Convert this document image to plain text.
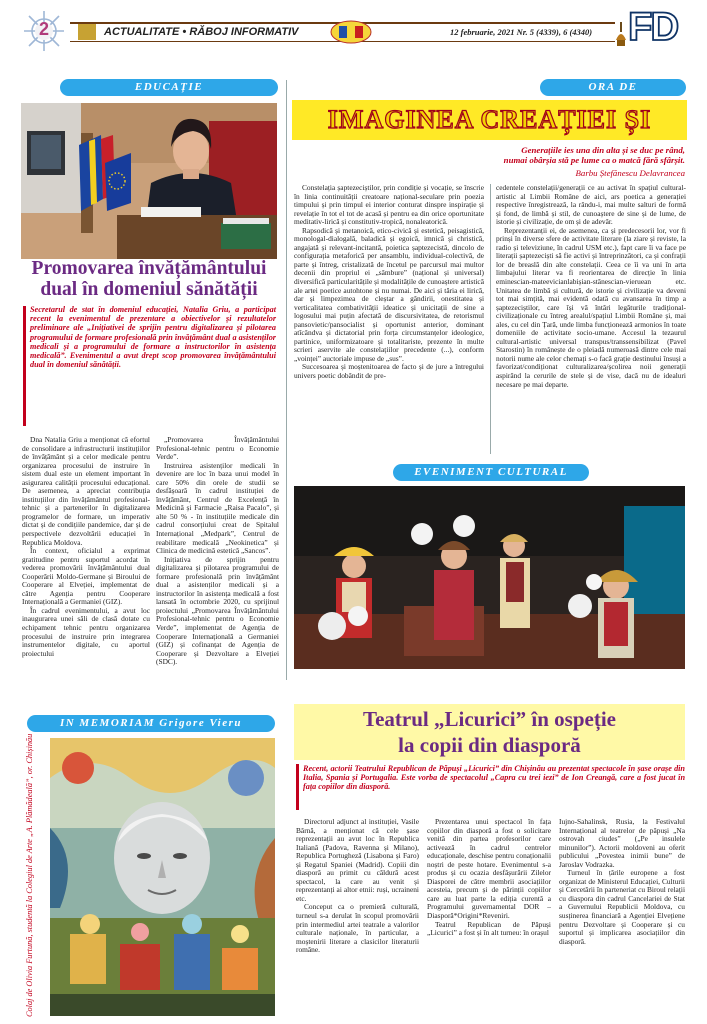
2	ACTUALITATE • RĂBOJ INFORMATIV	12 februarie, 2021 Nr. 5 (4339), 6 (4340) FD
EDUCAȚIE
Promovarea învățământului
dual în domeniul sănătății
Secretarul de stat în domeniul educației, Natalia Griu, a participat recent la evenimentul de prezentare a obiectivelor și rezultatelor preliminare ale „Inițiativei de sprijin pentru digitalizarea și pilotarea programului de formare profesională prin învățământ dual a asistenților medicali și a programului de formare a instructorilor în asistența medicală”. Evenimentul a avut drept scop promovarea învățământului dual în domeniul sănătății.

Dna Natalia Griu a menționat că efortul de consolidare a infrastructurii instituțiilor de învățământ și a celor medicale pentru organizarea procesului de instruire în sistem dual este un element important în asigurarea calității procesului educațional. De asemenea, a apreciat contribuția instituțiilor din învățământul profesional-tehnic și a partenerilor în digitalizarea programelor de formare, un imperativ dictat și de condițiile pandemice, dar și de perspectivele dezvoltării educației în Republica Moldova.

În context, oficialul a exprimat gratitudine pentru suportul acordat în vederea promovării învățământului dual Cooperării Moldo-Germane și Biroului de Cooperare al Elveției, implementat de către Agenția pentru Cooperare Internațională a Germaniei (GIZ).

În cadrul evenimentului, a avut loc inaugurarea unei săli de clasă dotate cu echipament tehnic pentru organizarea procesului de instruire prin integrarea instrumentelor digitale, cu aportul proiectului

„Promovarea Învățământului Profesional-tehnic pentru o Economie Verde”.

Instruirea asistenților medicali în devenire are loc în baza unui model în care 50% din orele de studii se desfășoară în cadrul instituției de învățământ, Centrul de Excelență în Medicină și Farmacie „Raisa Pacalo”, și alte 50 % - în instituțiile medicale din cadrul consorțiului creat de Spitalul Internațional „Medpark”, Centrul de reabilitare medicală „Neokinetica” și Clinica de medicină estetică „Sancos”.

Inițiativa de sprijin pentru digitalizarea și pilotarea programului de formare profesională prin învățământ dual a asistenților medicali și a instructorilor în asistența medicală a fost lansată în octombrie 2020, cu sprijinul proiectului „Promovarea Învățământului Profesional-tehnic pentru o Economie Verde”, implementat de Agenția de Cooperare Internațională a Germaniei (GIZ) și cofinanțat de Agenția de Cooperare și Dezvoltare a Elveției (SDC).

ORA DE
IMAGINEA CREAȚIEI ȘI
Generațiile ies una din alta și se duc pe rând,
numai obârșia stă pe lume ca o matcă fără sfârșit.
Barbu Ștefănescu Delavrancea

Constelația șaptezeciștilor, prin condiție și vocație, se înscrie în linia continuității creatoare național-seculare prin poezia timpului și prin timpul ei interior conturat dinspre inspirație și revelație în tot el tot de acasă și pentru ea din orice oportunitate meditativ-lirică și constitutiv-tropică, nonaleatorică.

Rapsodică și metanoică, etico-civică și estetică, peisagistică, monologal-dialogală, baladică și egoică, imnică și christică, angajată și relevant-incitantă, poietica șaptezecistă, dincolo de configurația metaforică per ansamblu, individual-colectivă, de parte și întreg, cristalizată de încetul pe parcursul mai multor decenii din propriul ei „sâmbure” (național și universal) diversifică particularitățile și modalitățile de cunoaștere artistică ale artei poetice autohtone și nu numai. De aici și tăria ei lirică, dar și limpezimea de cleștar a gândirii, onestitatea și verticalitatea combativității ideatice și unicitații de sine a logosului mai puțin afectată de discursivitatea, de retorismul pansovietic/pansocialist și oportunist anterior, dominant atîcândva și dictatorial prin forța circumstanțelor ideologice, partinice, uniformizatoare și totalitariste, prezente în multe scrieri aservite ale constelațiilor precedente (...), conform „voinței” auctoriale impuse de „sus”.

Succesoarea și moștenitoarea de facto și de jure a întregului univers poetic dobândit de pre-

cedentele constelații/generații ce au activat în spațiul cultural-artistic al Limbii Române de aici, ars poetica a generației respective înregistrează, la rându-i, mai multe salturi de formă și fond, de limbă și stil, de cunoaștere de sine și de lume, de istorie și civilizație, de om și de adevăr.

Reprezentanții ei, de asemenea, ca și predecesorii lor, vor fi prinși în diverse sfere de activitate literare (la ziare și reviste, la radio și televiziune, în cadrul USM etc.), fapt care îi va face pe literații șaptezeciști să fie activi și întreprinzători, ca și confrații lor de breaslă din alte constelații. Ceea ce îi va uni în arta limbajului literar va fi reorientarea de direcție în linia eminescian-mateevicianlabișian-stănescian-vieruean etc. Unitatea de limbă și cultură, de istorie și civilizație va deveni tot mai simțită, mai evidentă odată cu avansarea în timp a șaptezeciștilor, care își vă întări legăturile tradițional-civilizaționale cu întreg arealul/spațiul Limbii Române și, mai ales, cu cel din Țară, unde limba funcționează armonios în toate domeniile de activitate socio-umane. Accesul la tezaurul cultural-artistic universal transpus/transsensibilizat (Pavel Starostin) în românește de o pleiadă numeroasă dintre cele mai notorii nume ale celor chemați s-o facă grație destinului însuși a favorizat/condiționat culturalizarea/școlirea noii generații aspirând la cerurile de stele și de vise, dacă nu de idealuri necesare pe mai departe.

EVENIMENT CULTURAL
Teatrul „Licurici” în ospeție
la copii din diasporă
Recent, actorii Teatrului Republican de Păpuși „Licurici” din Chișinău au prezentat spectacole în șase orașe din Italia, Spania și Portugalia. Este vorba de spectacolul „Capra cu trei iezi” de Ion Creangă, care a fost jucat în fața copiilor din diasporă.

Directorul adjunct al instituției, Vasile Bârnă, a menționat că cele șase reprezentații au avut loc în Republica Italiană (Padova, Ravenna și Milano), Republica Portugheză (Lisabona și Faro) și Regatul Spaniei (Madrid). Copiii din diasporă au primit cu căldură acest spectacol, la care au venit și reprezentanți ai altor etnii: ruși, ucraineni etc.

Conceput ca o premieră culturală, turneul s-a derulat în scopul promovării prin intermediul artei teatrale a valorilor culturale naționale, în particular, a moștenirii literare a clasicilor literaturii române.

Prezentarea unui spectacol în fața copiilor din diasporă a fost o solicitare venită din partea profesorilor care activează în cadrul centrelor educaționale, deschise pentru conaționalii noștri de peste hotare. Evenimentul s-a produs și cu ocazia desfășurării Zilelor Diasporei de către membrii asociațiilor acesteia, precum și de părinții copiilor care au luat parte la ediția curentă a Programului guvernamental DOR – Diasporă*Origini*Reveniri.

Teatrul Republican de Păpuși „Licurici” a fost și în alt turneu: în orașul

Iujno-Sahalinsk, Rusia, la Festivalul Internațional al teatrelor de păpuși „Na ostrovah ciudes” („Pe insulele minunilor”). Actorii moldoveni au oferit publicului „Povestea inimii bune” de Jaroslav Vodrazka.

Turneul în țările europene a fost organizat de Ministerul Educației, Culturii și Cercetării în parteneriat cu Biroul relații cu diaspora din cadrul Cancelariei de Stat a Guvernului Republicii Moldova, cu susținerea financiară a Agenției Elvețiene pentru Dezvoltare și Cooperare și cu suportul și implicarea asociațiilor din diasporă.

IN MEMORIAM Grigore Vieru
Colaj de Olivia Furtună, studentă la Colegiul de Arte „A. Plămădeală”, or. Chișinău
